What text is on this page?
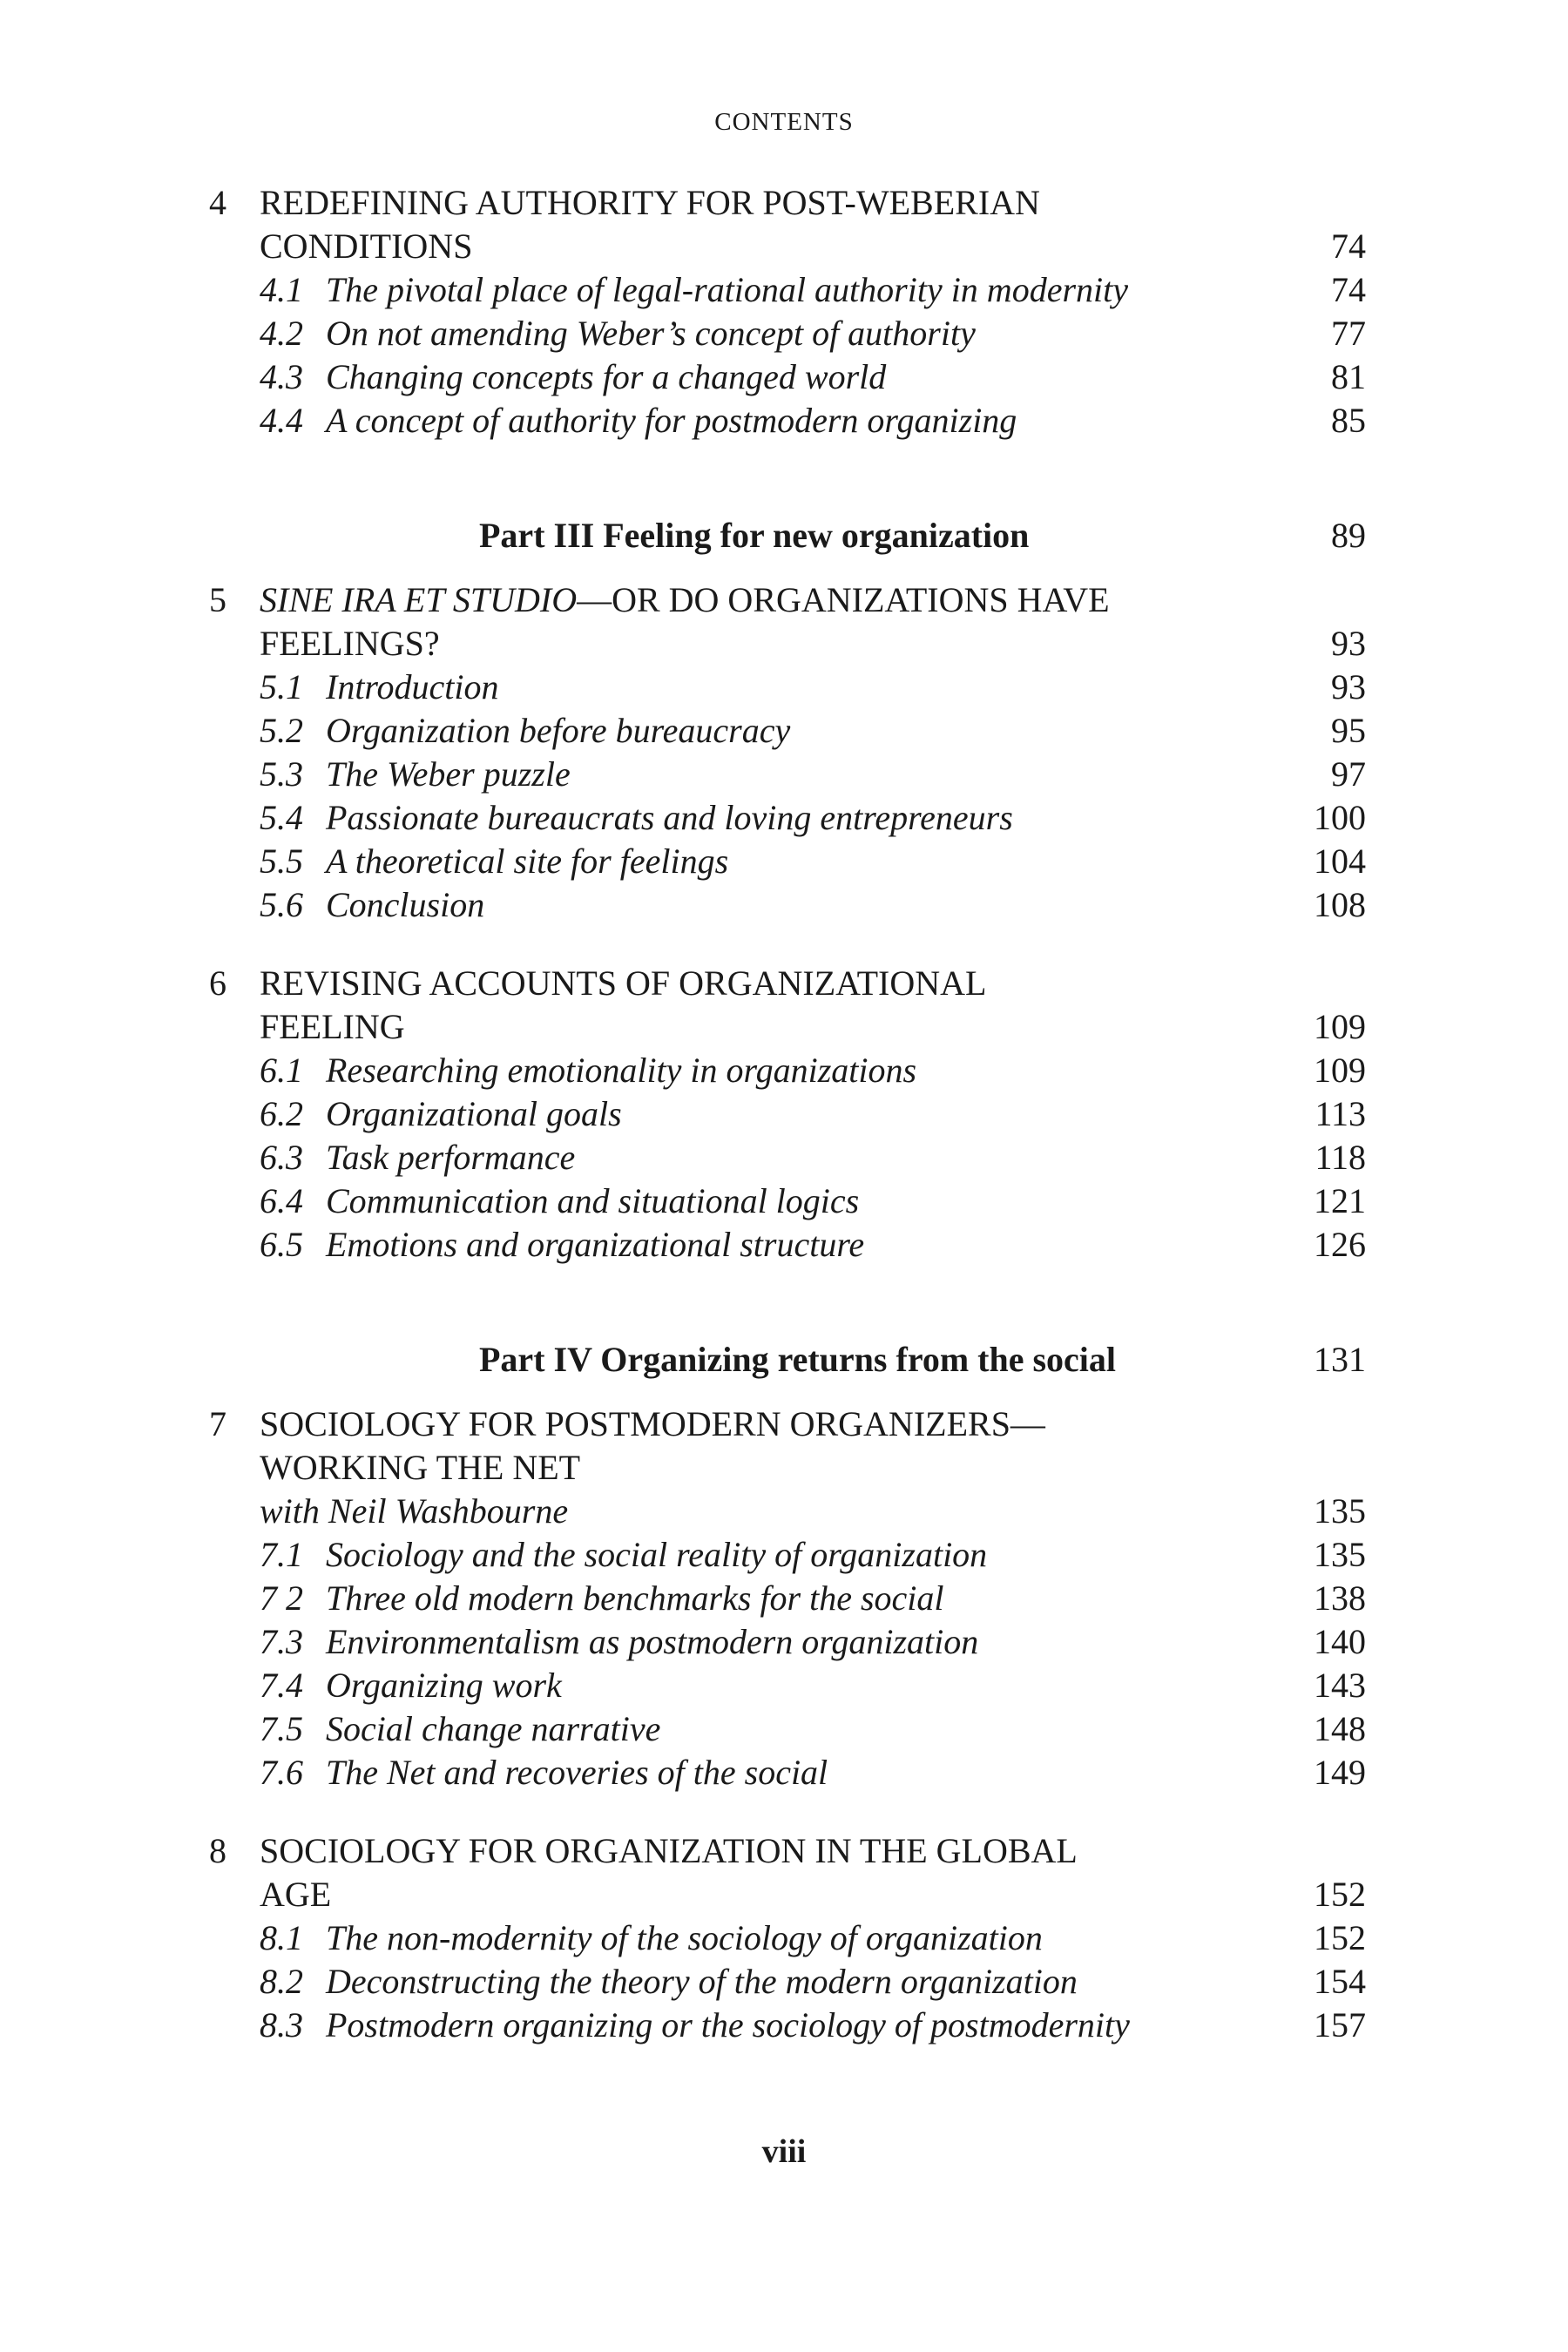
CONTENTS
4 REDEFINING AUTHORITY FOR POST-WEBERIAN
CONDITIONS	74
4.1 The pivotal place of legal-rational authority in modernity	74
4.2 On not amending Weber’s concept of authority	77
4.3 Changing concepts for a changed world	81
4.4 A concept of authority for postmodern organizing	85
Part III Feeling for new organization	89
5 SINE IRA ET STUDIO—OR DO ORGANIZATIONS HAVE
FEELINGS?	93
5.1 Introduction	93
5.2 Organization before bureaucracy	95
5.3 The Weber puzzle	97
5.4 Passionate bureaucrats and loving entrepreneurs	100
5.5 A theoretical site for feelings	104
5.6 Conclusion	108
6 REVISING ACCOUNTS OF ORGANIZATIONAL
FEELING	109
6.1 Researching emotionality in organizations	109
6.2 Organizational goals	113
6.3 Task performance	118
6.4 Communication and situational logics	121
6.5 Emotions and organizational structure	126
Part IV Organizing returns from the social	131
7 SOCIOLOGY FOR POSTMODERN ORGANIZERS—
WORKING THE NET
with Neil Washbourne	135
7.1 Sociology and the social reality of organization	135
7 2 Three old modern benchmarks for the social	138
7.3 Environmentalism as postmodern organization	140
7.4 Organizing work	143
7.5 Social change narrative	148
7.6 The Net and recoveries of the social	149
8 SOCIOLOGY FOR ORGANIZATION IN THE GLOBAL
AGE	152
8.1 The non-modernity of the sociology of organization	152
8.2 Deconstructing the theory of the modern organization	154
8.3 Postmodern organizing or the sociology of postmodernity	157
viii
